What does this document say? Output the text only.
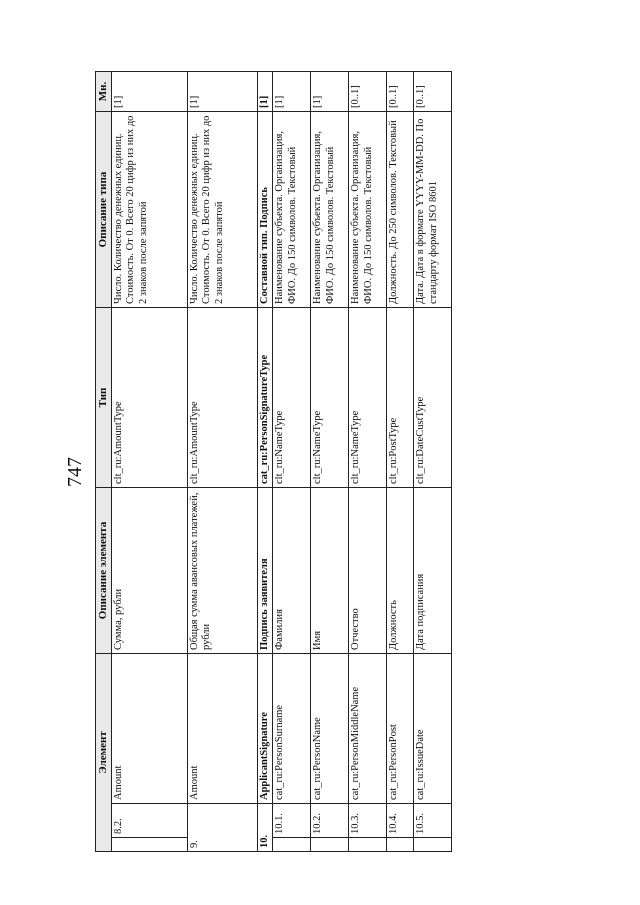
747
Элемент			Описание элемента	Тип	Описание типа	Мн.
	8.2.	Amount	Сумма, рубли	clt_ru:AmountType	Число. Количество денежных единиц. Стоимость. От 0. Всего 20 цифр из них до 2 знаков после запятой	[1]
9.		Amount	Общая сумма авансовых платежей, рубли	clt_ru:AmountType	Число. Количество денежных единиц. Стоимость. От 0. Всего 20 цифр из них до 2 знаков после запятой	[1]
10.		ApplicantSignature	Подпись заявителя	cat_ru:PersonSignatureType	Составной тип. Подпись	[1]
	10.1.	cat_ru:PersonSurname	Фамилия	clt_ru:NameType	Наименование субъекта. Организация, ФИО. До 150 символов. Текстовый	[1]
	10.2.	cat_ru:PersonName	Имя	clt_ru:NameType	Наименование субъекта. Организация, ФИО. До 150 символов. Текстовый	[1]
	10.3.	cat_ru:PersonMiddleName	Отчество	clt_ru:NameType	Наименование субъекта. Организация, ФИО. До 150 символов. Текстовый	[0..1]
	10.4.	cat_ru:PersonPost	Должность	clt_ru:PostType	Должность. До 250 символов. Текстовый	[0..1]
	10.5.	cat_ru:IssueDate	Дата подписания	clt_ru:DateCustType	Дата. Дата в формате YYYY-MM-DD. По стандарту формат ISO 8601	[0..1]
